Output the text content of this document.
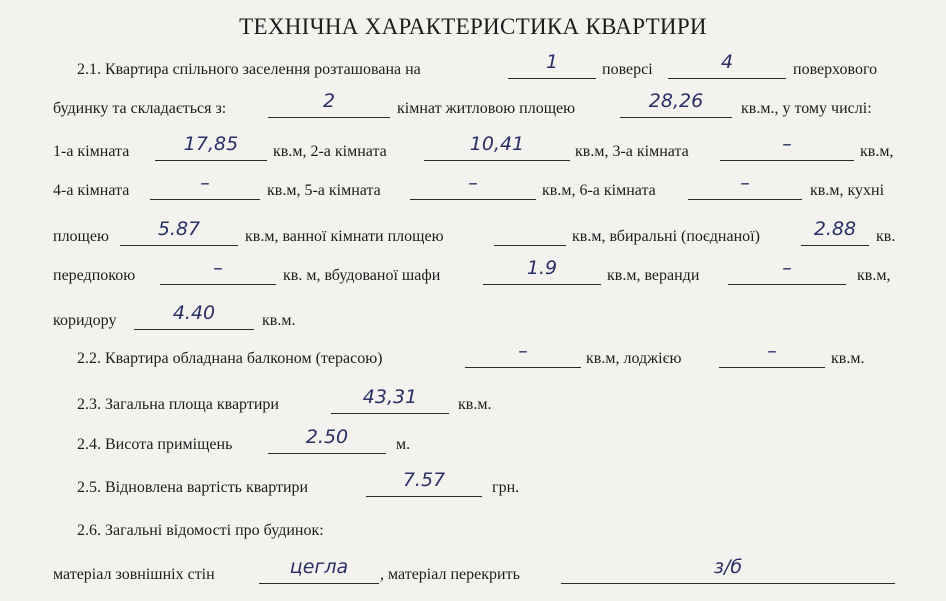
ТЕХНІЧНА ХАРАКТЕРИСТИКА КВАРТИРИ
2.1. Квартира спільного заселення розташована на	1	поверсі	4	поверхового
будинку та складається з:	2	кімнат житловою площею	28,26	кв.м., у тому числі:
1-а кімната	17,85	кв.м, 2-а кімната	10,41	кв.м, 3-а кімната	–	кв.м,
4-а кімната	–	кв.м, 5-а кімната	–	кв.м, 6-а кімната	–	кв.м, кухні
площею	5.87	кв.м, ванної кімнати площею	кв.м, вбиральні (поєднаної)	2.88	кв.
передпокою	–	кв. м, вбудованої шафи	1.9	кв.м, веранди	–	кв.м,
коридору	4.40	кв.м.
2.2. Квартира обладнана балконом (терасою)	–	кв.м, лоджією	–	кв.м.
2.3. Загальна площа квартири	43,31	кв.м.
2.4. Висота приміщень	2.50	м.
2.5. Відновлена вартість квартири	7.57	грн.
2.6. Загальні відомості про будинок:
матеріал зовнішніх стін	цегла	, матеріал перекрить	з/б
